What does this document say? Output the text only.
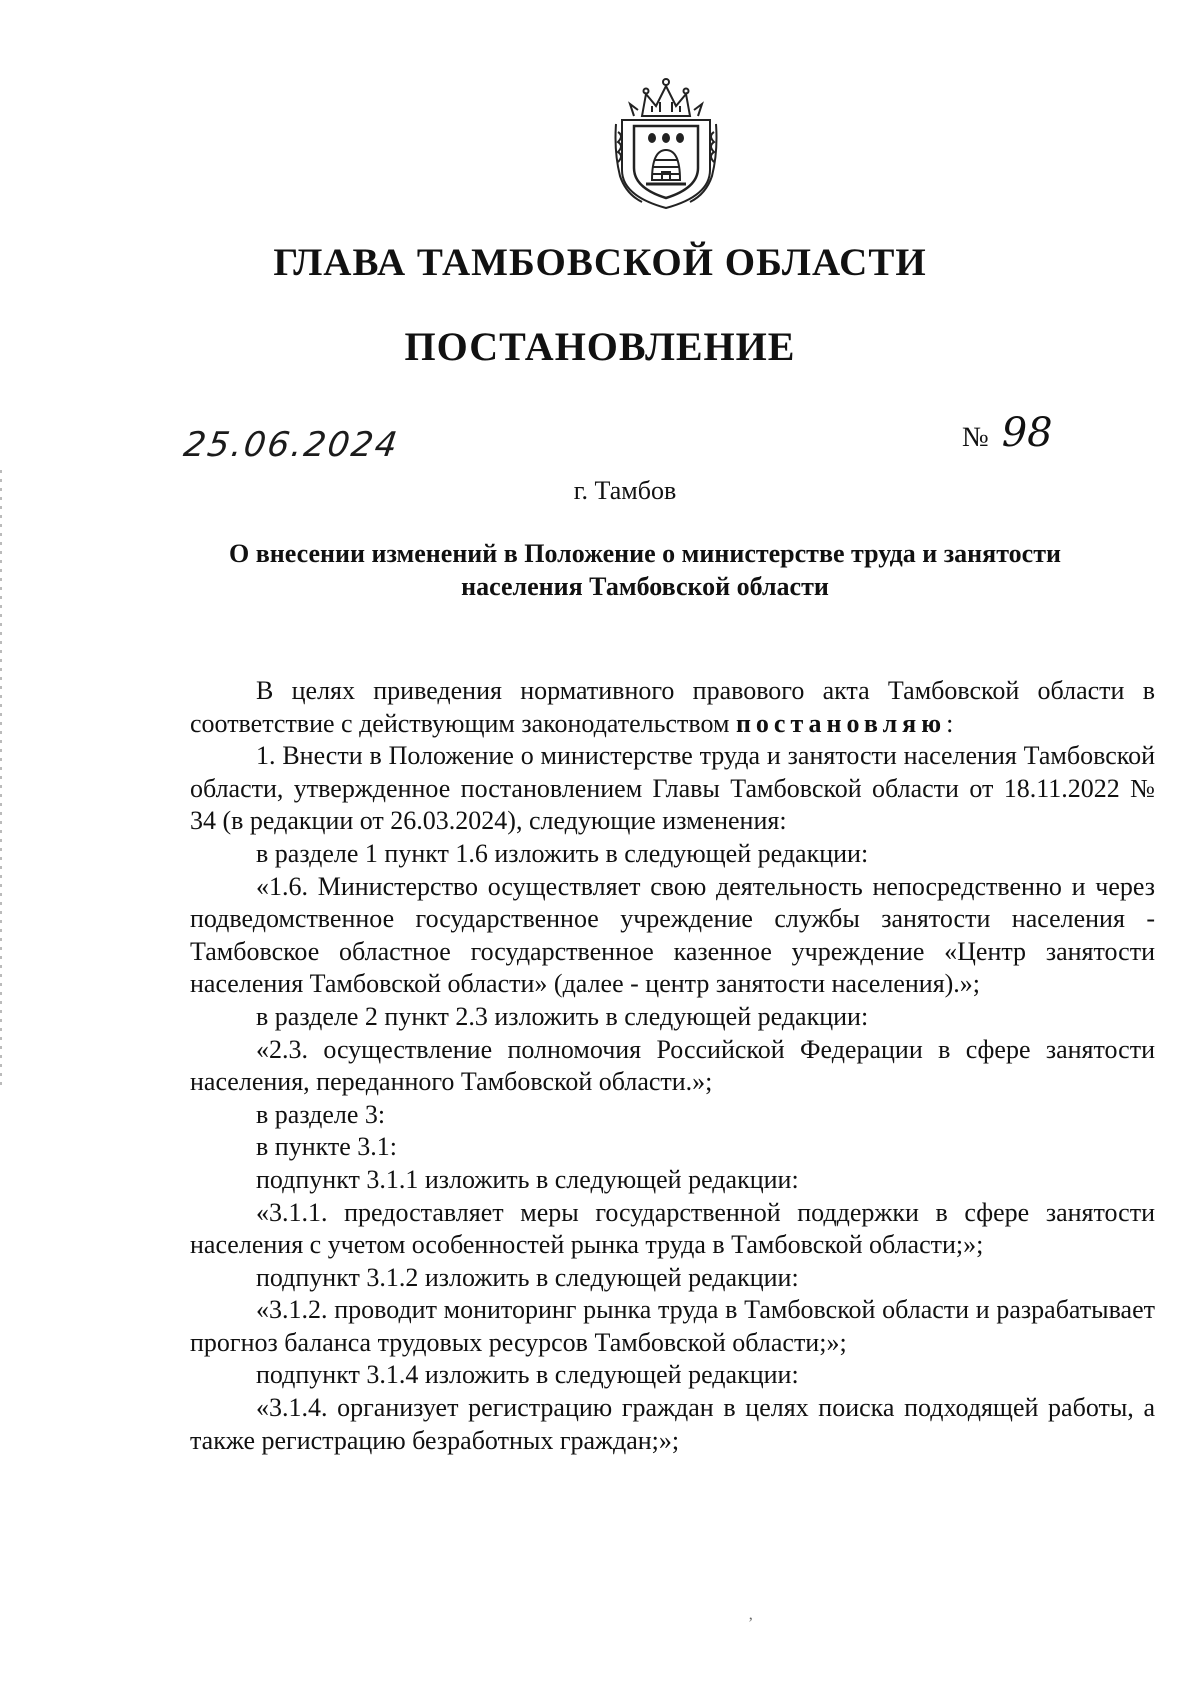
ГЛАВА ТАМБОВСКОЙ ОБЛАСТИ
ПОСТАНОВЛЕНИЕ
25.06.2024	№ 98
г. Тамбов
О внесении изменений в Положение о министерстве труда и занятости населения Тамбовской области

В целях приведения нормативного правового акта Тамбовской области в соответствие с действующим законодательством постановляю:

1. Внести в Положение о министерстве труда и занятости населения Тамбовской области, утвержденное постановлением Главы Тамбовской области от 18.11.2022 № 34 (в редакции от 26.03.2024), следующие изменения:

в разделе 1 пункт 1.6 изложить в следующей редакции:

«1.6. Министерство осуществляет свою деятельность непосредственно и через подведомственное государственное учреждение службы занятости населения - Тамбовское областное государственное казенное учреждение «Центр занятости населения Тамбовской области» (далее - центр занятости населения).»;

в разделе 2 пункт 2.3 изложить в следующей редакции:

«2.3. осуществление полномочия Российской Федерации в сфере занятости населения, переданного Тамбовской области.»;

в разделе 3:

в пункте 3.1:

подпункт 3.1.1 изложить в следующей редакции:

«3.1.1. предоставляет меры государственной поддержки в сфере занятости населения с учетом особенностей рынка труда в Тамбовской области;»;

подпункт 3.1.2 изложить в следующей редакции:

«3.1.2. проводит мониторинг рынка труда в Тамбовской области и разрабатывает прогноз баланса трудовых ресурсов Тамбовской области;»;

подпункт 3.1.4 изложить в следующей редакции:

«3.1.4. организует регистрацию граждан в целях поиска подходящей работы, а также регистрацию безработных граждан;»;

ʼ
